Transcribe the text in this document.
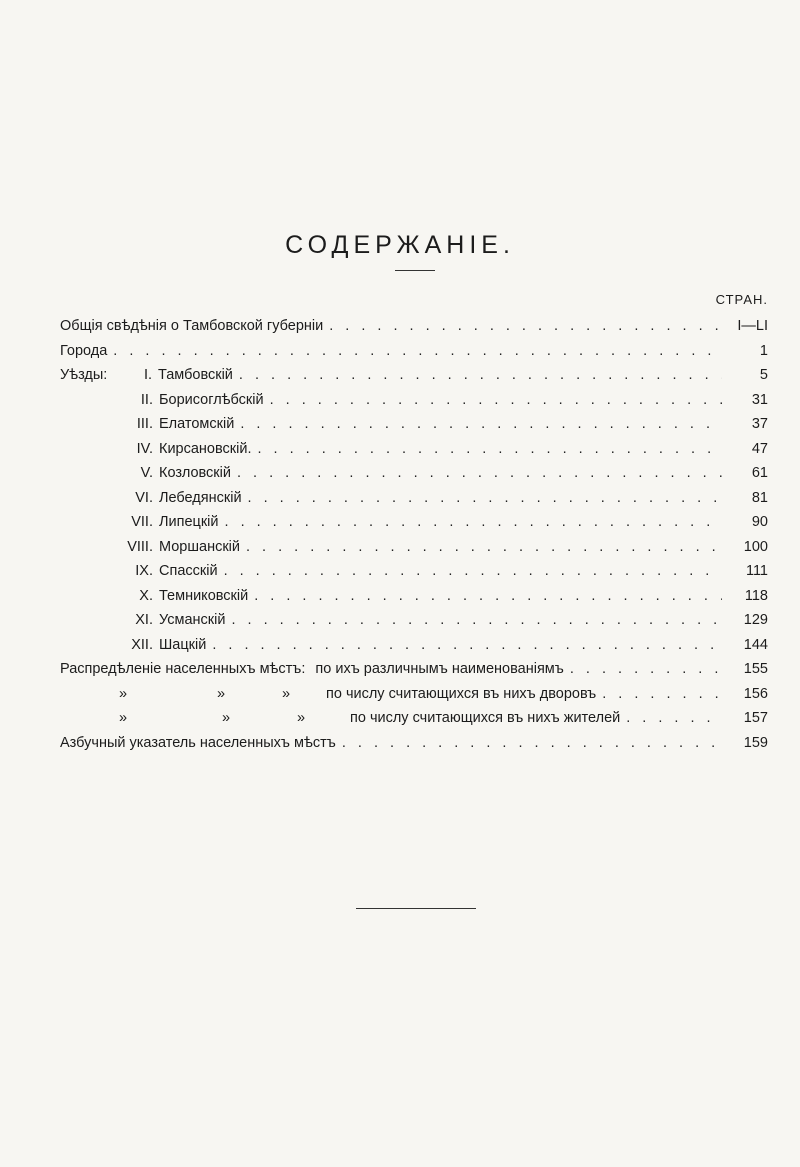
СОДЕРЖАНIЕ.
СТРАН.
Общiя свѣдѣнiя о Тамбовской губернiи . . .	I—LI
Города . . .	1
Уѣзды:	I. Тамбовскiй . . .	5
II. Борисоглѣбскiй . . .	31
III. Елатомскiй . . .	37
IV. Кирсановскiй. . . .	47
V. Козловскiй . . .	61
VI. Лебедянскiй . . .	81
VII. Липецкiй . . .	90
VIII. Моршанскiй . . .	100
IX. Спасскiй . . .	111
X. Темниковскiй . . .	118
XI. Усманскiй . . .	129
XII. Шацкiй . . .	144
Распредѣленiе населенныхъ мѣстъ: по ихъ различнымъ наименованiямъ . . .	155
»	»	»	по числу считающихся въ нихъ дворовъ . . .	156
»	»	»	по числу считающихся въ нихъ жителей . . .	157
Азбучный указатель населенныхъ мѣстъ . . .	159
